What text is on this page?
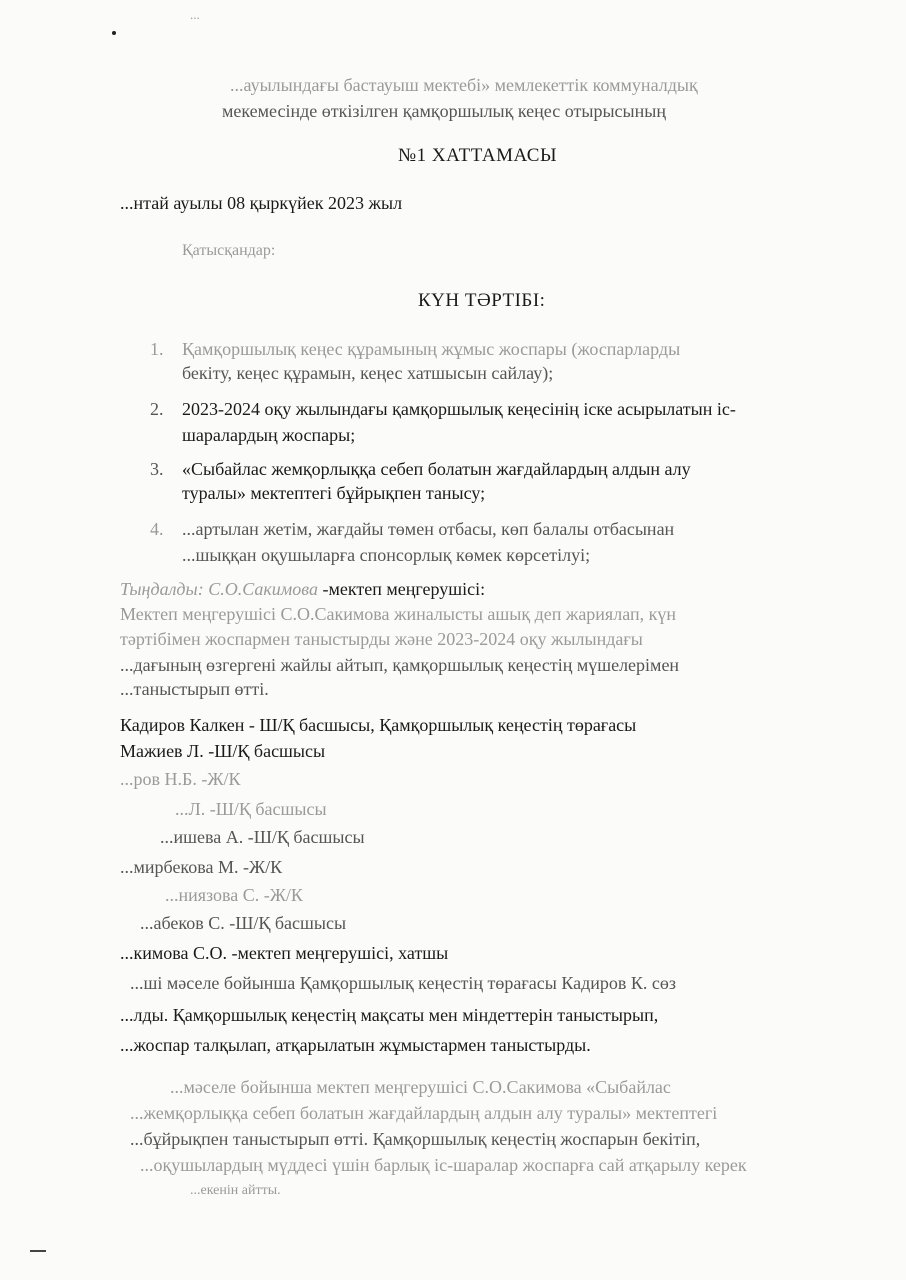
...
...ауылындағы бастауыш мектебі» мемлекеттік коммуналдық
мекемесінде өткізілген қамқоршылық кеңес отырысының
№1 ХАТТАМАСЫ
...нтай ауылы 08 қыркүйек 2023 жыл
Қатысқандар:
КҮН ТӘРТІБІ:
1. Қамқоршылық кеңес құрамының жұмыс жоспары (жоспарларды
бекіту, кеңес құрамын, кеңес хатшысын сайлау);
2. 2023-2024 оқу жылындағы қамқоршылық кеңесінің іске асырылатын іс-
шаралардың жоспары;
3. «Сыбайлас жемқорлыққа себеп болатын жағдайлардың алдын алу
туралы» мектептегі бұйрықпен танысу;
4. ...артылан жетім, жағдайы төмен отбасы, көп балалы отбасынан
...шыққан оқушыларға спонсорлық көмек көрсетілуі;
Тыңдалды: С.О.Сакимова -мектеп меңгерушісі:
Мектеп меңгерушісі С.О.Сакимова жиналысты ашық деп жариялап, күн
тәртібімен жоспармен таныстырды және 2023-2024 оқу жылындағы
...дағының өзгергені жайлы айтып, қамқоршылық кеңестің мүшелерімен
...таныстырып өтті.
Кадиров Калкен - Ш/Қ басшысы, Қамқоршылық кеңестің төрағасы
Мажиев Л. -Ш/Қ басшысы
...ров Н.Б. -Ж/К
...Л. -Ш/Қ басшысы
...ишева А. -Ш/Қ басшысы
...мирбекова М. -Ж/К
...ниязова С. -Ж/К
...абеков С. -Ш/Қ басшысы
...кимова С.О. -мектеп меңгерушісі, хатшы
...ші мәселе бойынша Қамқоршылық кеңестің төрағасы Кадиров К. сөз
...лды. Қамқоршылық кеңестің мақсаты мен міндеттерін таныстырып,
...жоспар талқылап, атқарылатын жұмыстармен таныстырды.
...мәселе бойынша мектеп меңгерушісі С.О.Сакимова «Сыбайлас
...жемқорлыққа себеп болатын жағдайлардың алдын алу туралы» мектептегі
...бұйрықпен таныстырып өтті. Қамқоршылық кеңестің жоспарын бекітіп,
...оқушылардың мүддесі үшін барлық іс-шаралар жоспарға сай атқарылу керек
...екенін айтты.
